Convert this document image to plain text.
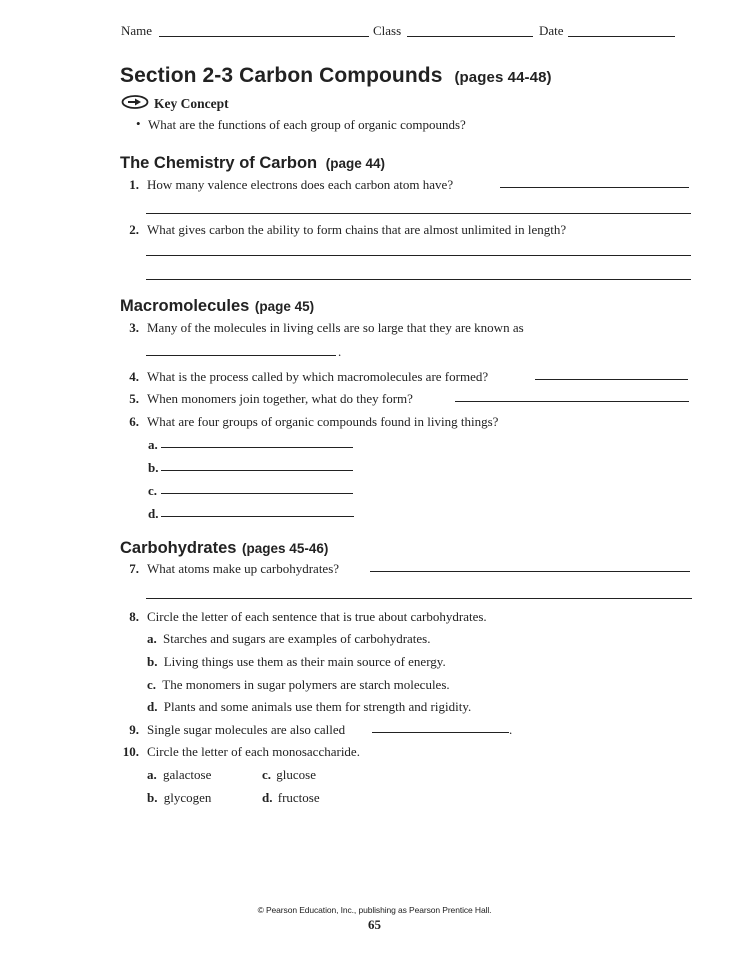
Name	Class	Date
Section 2-3 Carbon Compounds (pages 44-48)
Key Concept
• What are the functions of each group of organic compounds?
The Chemistry of Carbon (page 44)
1. How many valence electrons does each carbon atom have?
2. What gives carbon the ability to form chains that are almost unlimited in length?
Macromolecules (page 45)
3. Many of the molecules in living cells are so large that they are known as
.
4. What is the process called by which macromolecules are formed?
5. When monomers join together, what do they form?
6. What are four groups of organic compounds found in living things?
a.
b.
c.
d.
Carbohydrates (pages 45-46)
7. What atoms make up carbohydrates?
8. Circle the letter of each sentence that is true about carbohydrates.
a. Starches and sugars are examples of carbohydrates.
b. Living things use them as their main source of energy.
c. The monomers in sugar polymers are starch molecules.
d. Plants and some animals use them for strength and rigidity.
9. Single sugar molecules are also called	.
10. Circle the letter of each monosaccharide.
a. galactose	c. glucose
b. glycogen	d. fructose
© Pearson Education, Inc., publishing as Pearson Prentice Hall.
65
